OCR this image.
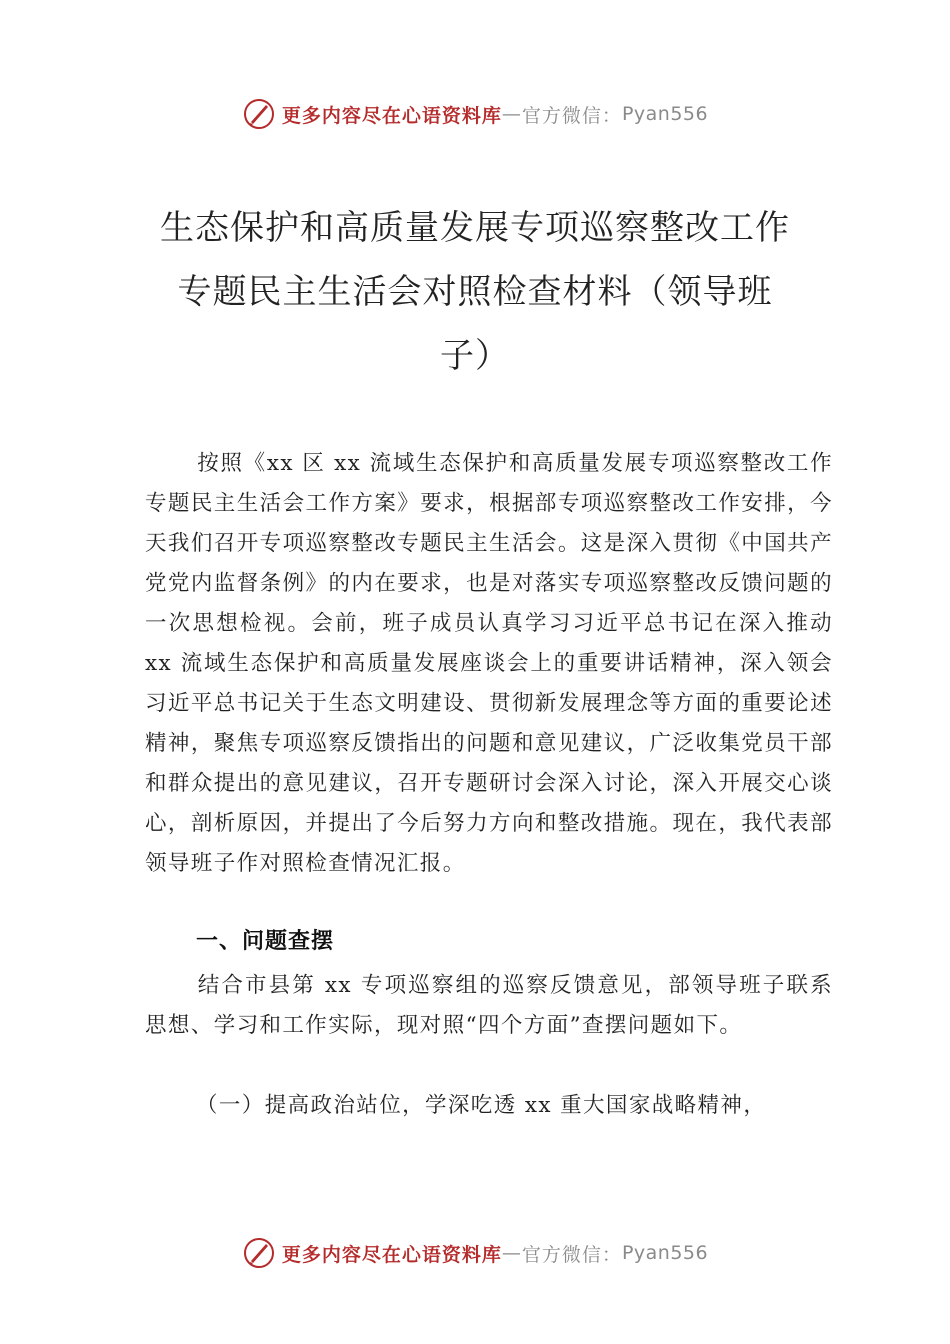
更多内容尽在心语资料库 — 官方微信： Pyan556
生态保护和高质量发展专项巡察整改工作
专题民主生活会对照检查材料（领导班
子）
按照《xx 区 xx 流域生态保护和高质量发展专项巡察整改工作专题民主生活会工作方案》要求，根据部专项巡察整改工作安排，今天我们召开专项巡察整改专题民主生活会。这是深入贯彻《中国共产党党内监督条例》的内在要求，也是对落实专项巡察整改反馈问题的一次思想检视。会前，班子成员认真学习习近平总书记在深入推动 xx 流域生态保护和高质量发展座谈会上的重要讲话精神，深入领会习近平总书记关于生态文明建设、贯彻新发展理念等方面的重要论述精神，聚焦专项巡察反馈指出的问题和意见建议，广泛收集党员干部和群众提出的意见建议，召开专题研讨会深入讨论，深入开展交心谈心，剖析原因，并提出了今后努力方向和整改措施。现在，我代表部领导班子作对照检查情况汇报。
一、问题查摆
结合市县第 xx 专项巡察组的巡察反馈意见，部领导班子联系思想、学习和工作实际，现对照“四个方面”查摆问题如下。
（一）提高政治站位，学深吃透 xx 重大国家战略精神，
更多内容尽在心语资料库 — 官方微信： Pyan556
